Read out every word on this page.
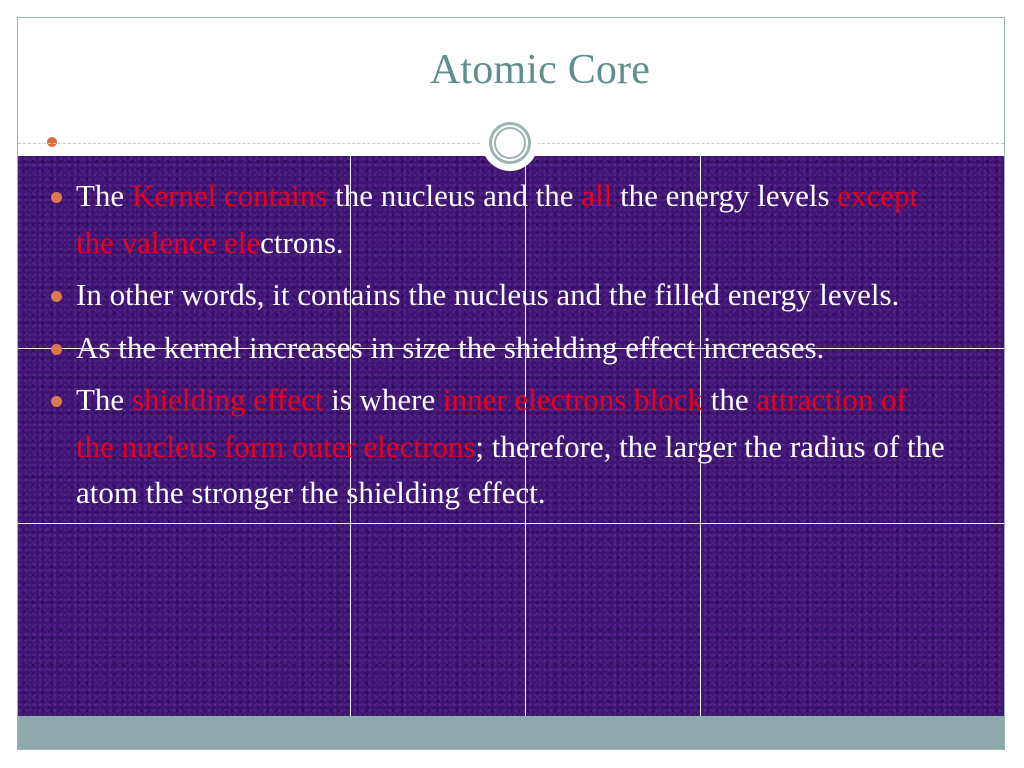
Atomic Core
The Kernel contains the nucleus and the all the energy levels except the valence electrons.
In other words, it contains the nucleus and the filled energy levels.
As the kernel increases in size the shielding effect increases.
The shielding effect is where inner electrons block the attraction of the nucleus form outer electrons; therefore, the larger the radius of the atom the stronger the shielding effect.
